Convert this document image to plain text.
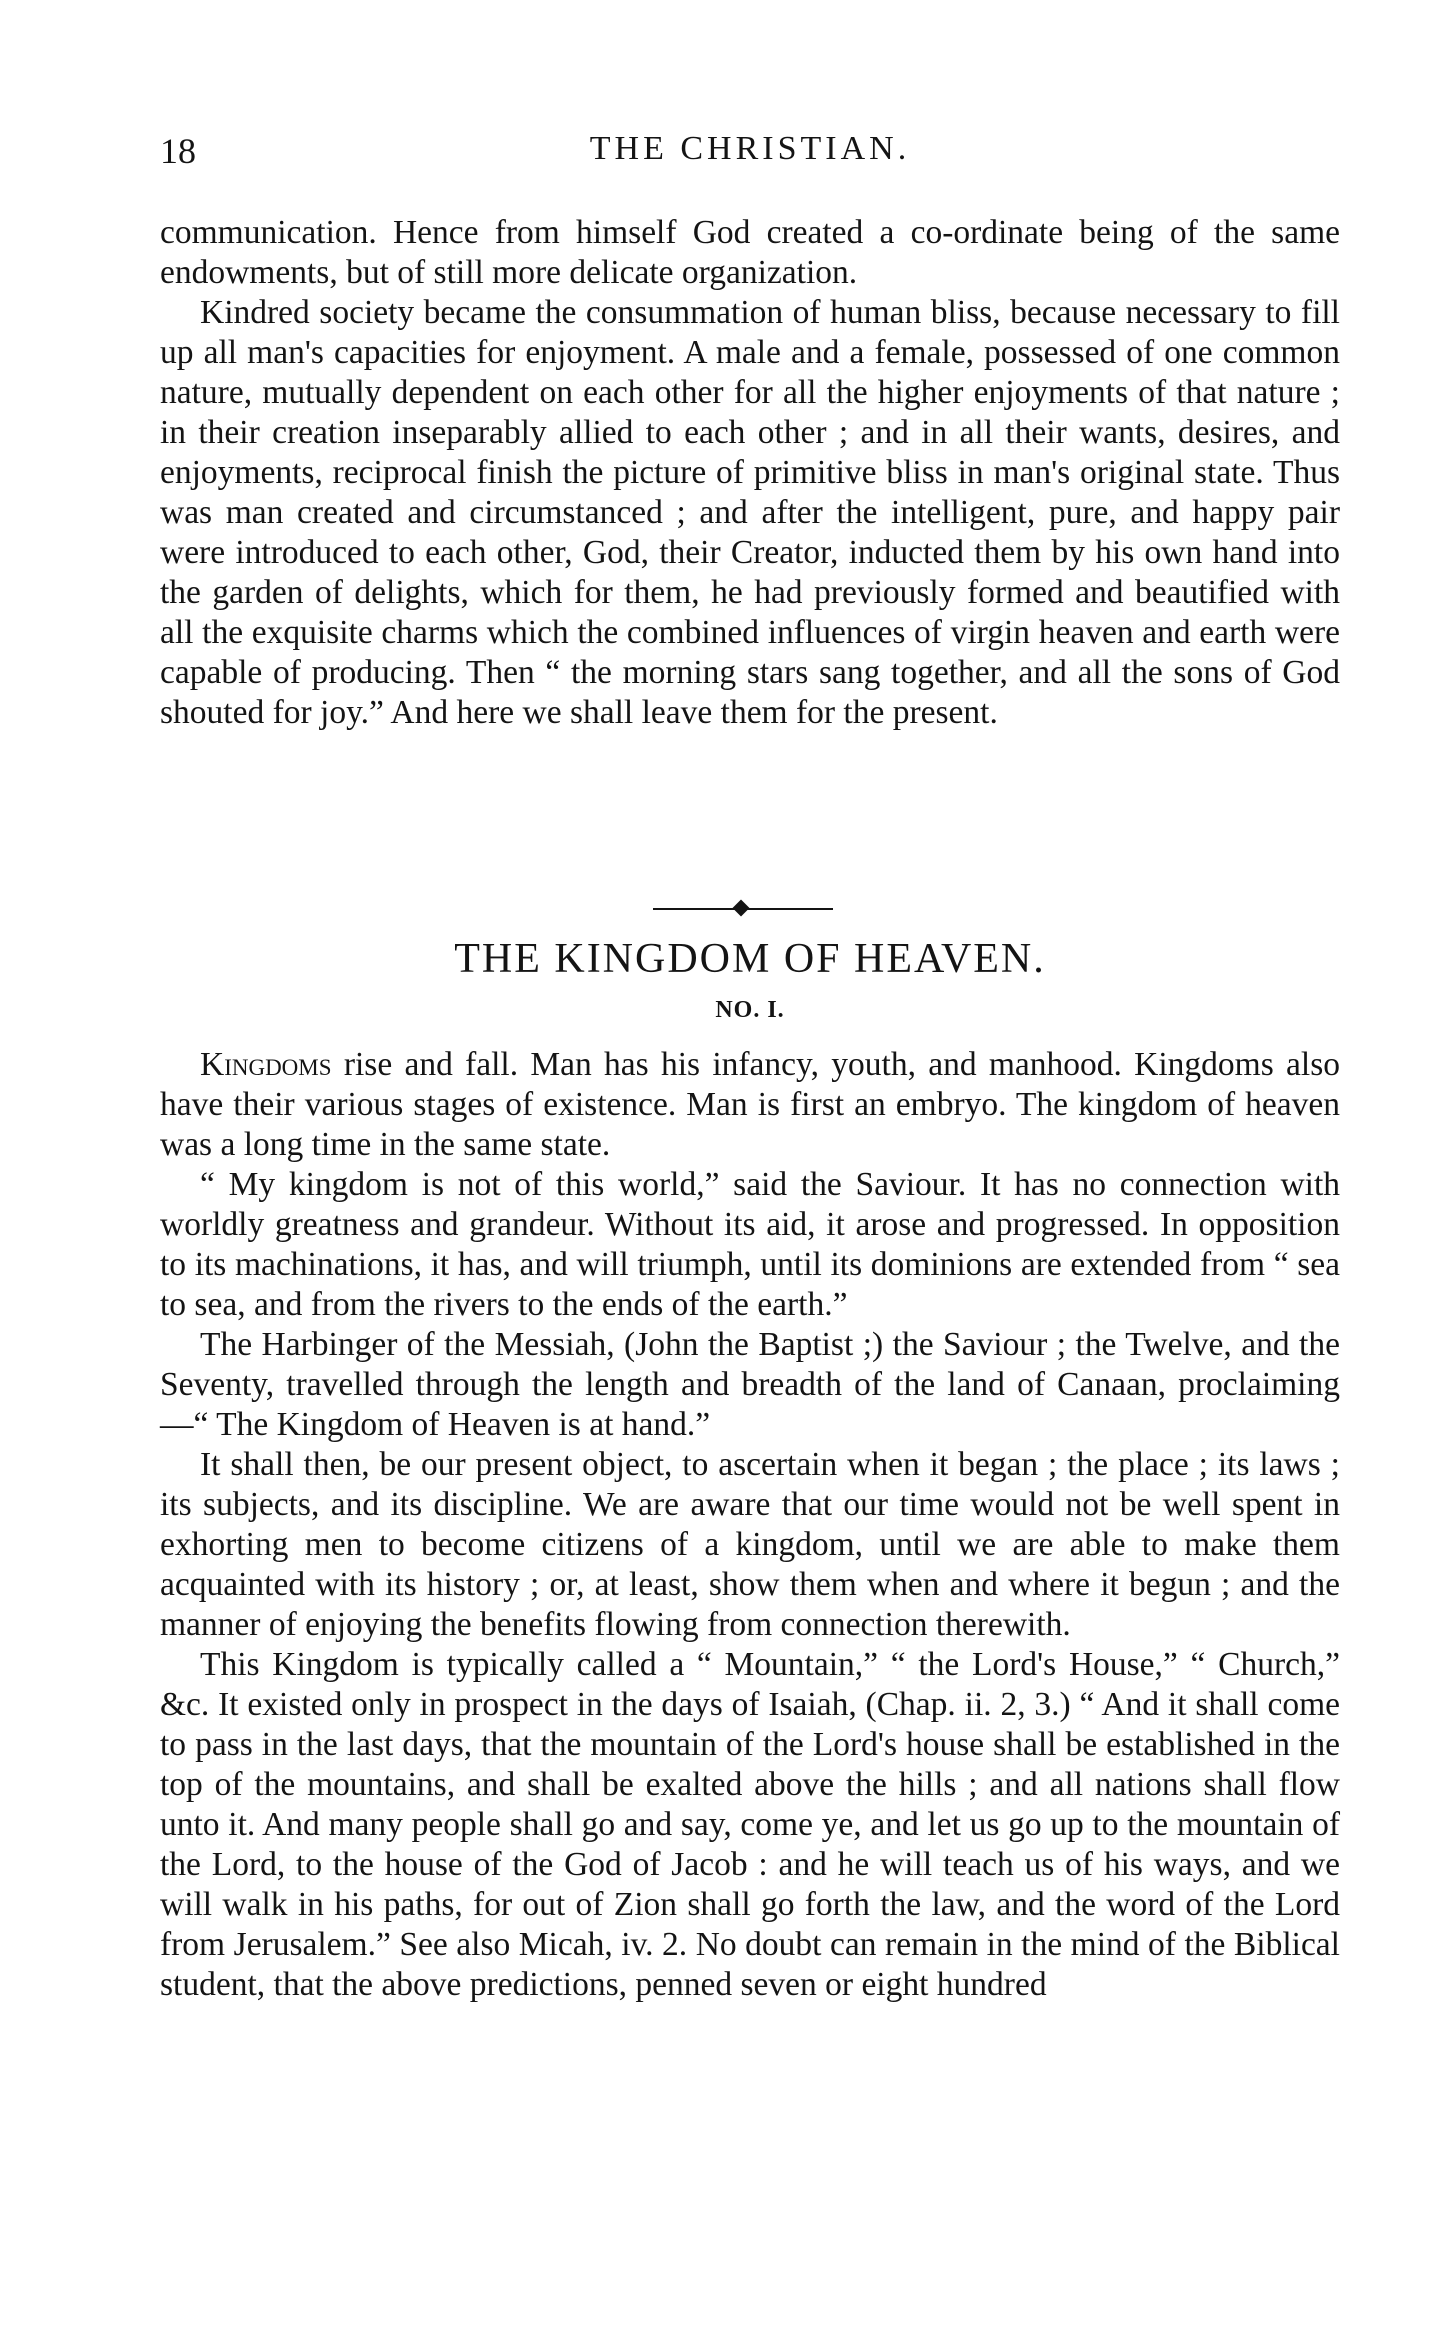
18	THE CHRISTIAN.

communication. Hence from himself God created a co-ordinate being of the same endowments, but of still more delicate organization.

Kindred society became the consummation of human bliss, because necessary to fill up all man's capacities for enjoyment. A male and a female, possessed of one common nature, mutually dependent on each other for all the higher enjoyments of that nature ; in their creation inseparably allied to each other ; and in all their wants, desires, and enjoyments, reciprocal finish the picture of primitive bliss in man's original state. Thus was man created and circumstanced ; and after the intelligent, pure, and happy pair were introduced to each other, God, their Creator, inducted them by his own hand into the garden of delights, which for them, he had previously formed and beautified with all the exquisite charms which the combined influences of virgin heaven and earth were capable of producing. Then “ the morning stars sang together, and all the sons of God shouted for joy.” And here we shall leave them for the present.

THE KINGDOM OF HEAVEN.
NO. I.

Kingdoms rise and fall. Man has his infancy, youth, and manhood. Kingdoms also have their various stages of existence. Man is first an embryo. The kingdom of heaven was a long time in the same state.

“ My kingdom is not of this world,” said the Saviour. It has no connection with worldly greatness and grandeur. Without its aid, it arose and progressed. In opposition to its machinations, it has, and will triumph, until its dominions are extended from “ sea to sea, and from the rivers to the ends of the earth.”

The Harbinger of the Messiah, (John the Baptist ;) the Saviour ; the Twelve, and the Seventy, travelled through the length and breadth of the land of Canaan, proclaiming—“ The Kingdom of Heaven is at hand.”

It shall then, be our present object, to ascertain when it began ; the place ; its laws ; its subjects, and its discipline. We are aware that our time would not be well spent in exhorting men to become citizens of a kingdom, until we are able to make them acquainted with its history ; or, at least, show them when and where it begun ; and the manner of enjoying the benefits flowing from connection therewith.

This Kingdom is typically called a “ Mountain,” “ the Lord's House,” “ Church,” &c. It existed only in prospect in the days of Isaiah, (Chap. ii. 2, 3.) “ And it shall come to pass in the last days, that the mountain of the Lord's house shall be established in the top of the mountains, and shall be exalted above the hills ; and all nations shall flow unto it. And many people shall go and say, come ye, and let us go up to the mountain of the Lord, to the house of the God of Jacob : and he will teach us of his ways, and we will walk in his paths, for out of Zion shall go forth the law, and the word of the Lord from Jerusalem.” See also Micah, iv. 2. No doubt can remain in the mind of the Biblical student, that the above predictions, penned seven or eight hundred
